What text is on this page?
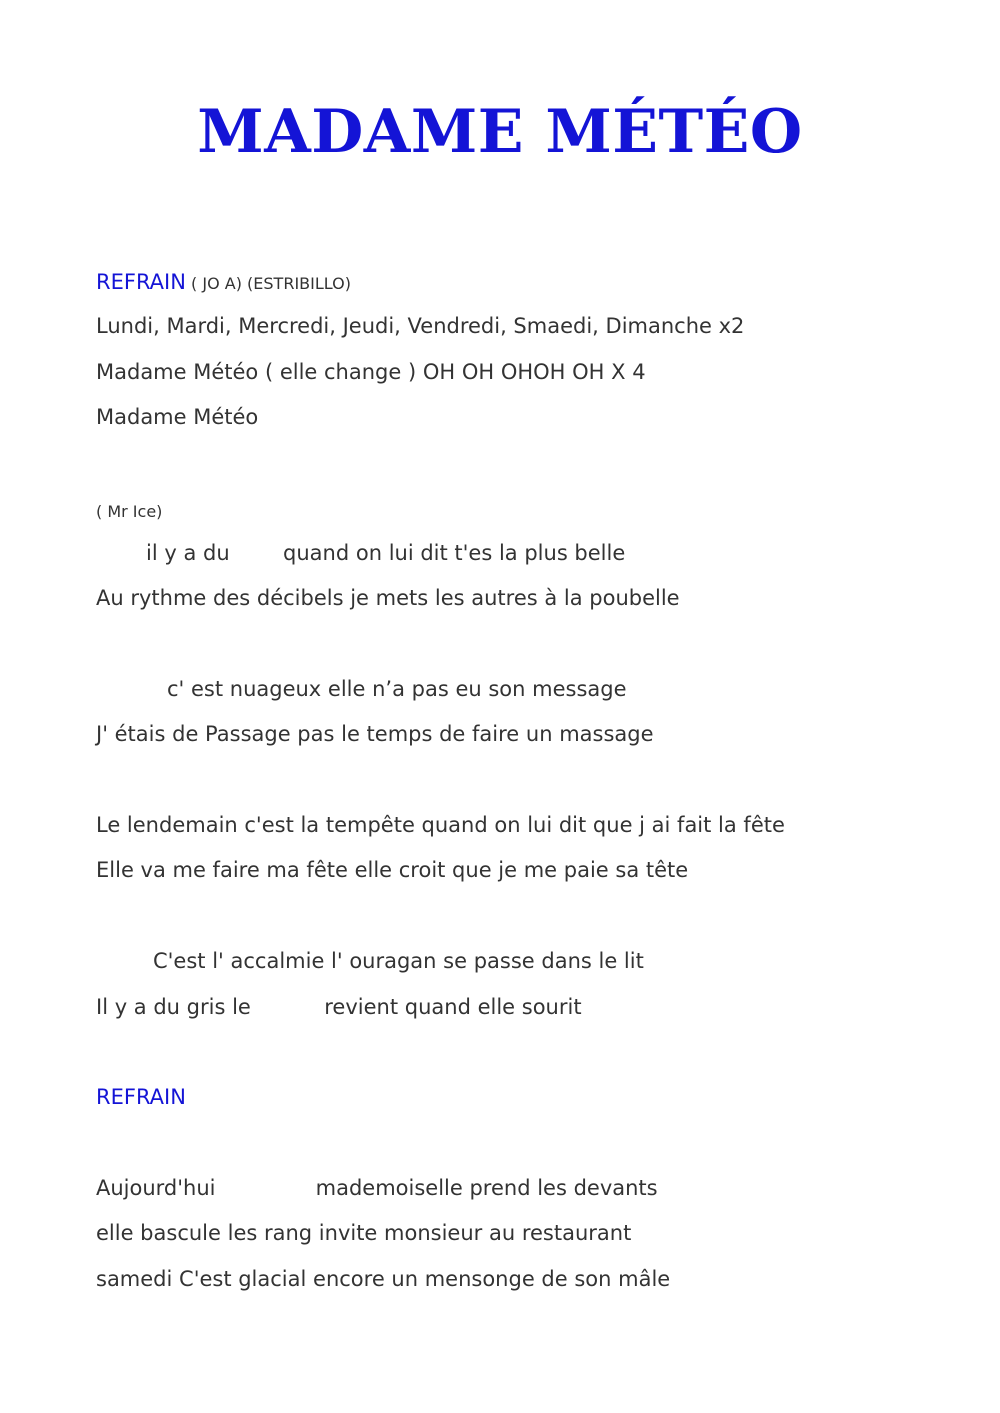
MADAME MÉTÉO

REFRAIN ( JO A) (ESTRIBILLO)

Lundi, Mardi, Mercredi, Jeudi, Vendredi, Smaedi, Dimanche x2

Madame Météo ( elle change ) OH OH OHOH OH X 4

Madame Météo

( Mr Ice)

il y a du        quand on lui dit t'es la plus belle

Au rythme des décibels je mets les autres à la poubelle

c' est nuageux elle n’a pas eu son message

J' étais de Passage pas le temps de faire un massage

Le lendemain c'est la tempête quand on lui dit que j ai fait la fête

Elle va me faire ma fête elle croit que je me paie sa tête

C'est l' accalmie l' ouragan se passe dans le lit

Il y a du gris le           revient quand elle sourit

REFRAIN

Aujourd'hui               mademoiselle prend les devants

elle bascule les rang invite monsieur au restaurant

samedi C'est glacial encore un mensonge de son mâle
